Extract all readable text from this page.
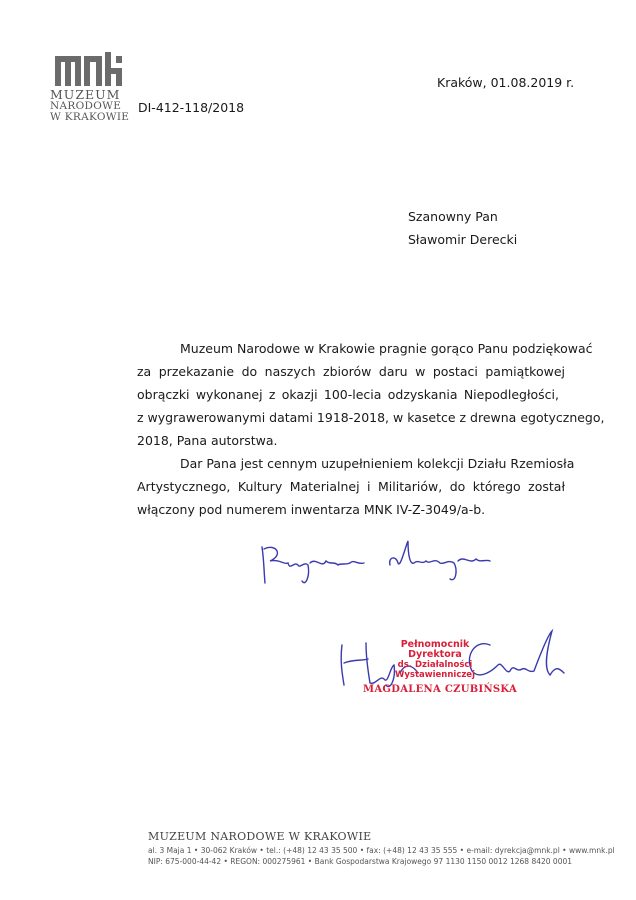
MUZEUM
NARODOWE
W KRAKOWIE
DI-412-118/2018
Kraków, 01.08.2019 r.
Szanowny Pan
Sławomir Derecki
Muzeum Narodowe w Krakowie pragnie gorąco Panu podziękować
za przekazanie do naszych zbiorów daru w postaci pamiątkowej
obrączki wykonanej z okazji 100-lecia odzyskania Niepodległości,
z wygrawerowanymi datami 1918-2018, w kasetce z drewna egotycznego,
2018, Pana autorstwa.
Dar Pana jest cennym uzupełnieniem kolekcji Działu Rzemiosła
Artystycznego, Kultury Materialnej i Militariów, do którego został
włączony pod numerem inwentarza MNK IV-Z-3049/a-b.
Pełnomocnik Dyrektora
ds. Działalności Wystawienniczej
MAGDALENA CZUBIŃSKA
MUZEUM NARODOWE W KRAKOWIE
al. 3 Maja 1 • 30-062 Kraków • tel.: (+48) 12 43 35 500 • fax: (+48) 12 43 35 555 • e-mail: dyrekcja@mnk.pl • www.mnk.pl
NIP: 675-000-44-42 • REGON: 000275961 • Bank Gospodarstwa Krajowego 97 1130 1150 0012 1268 8420 0001
